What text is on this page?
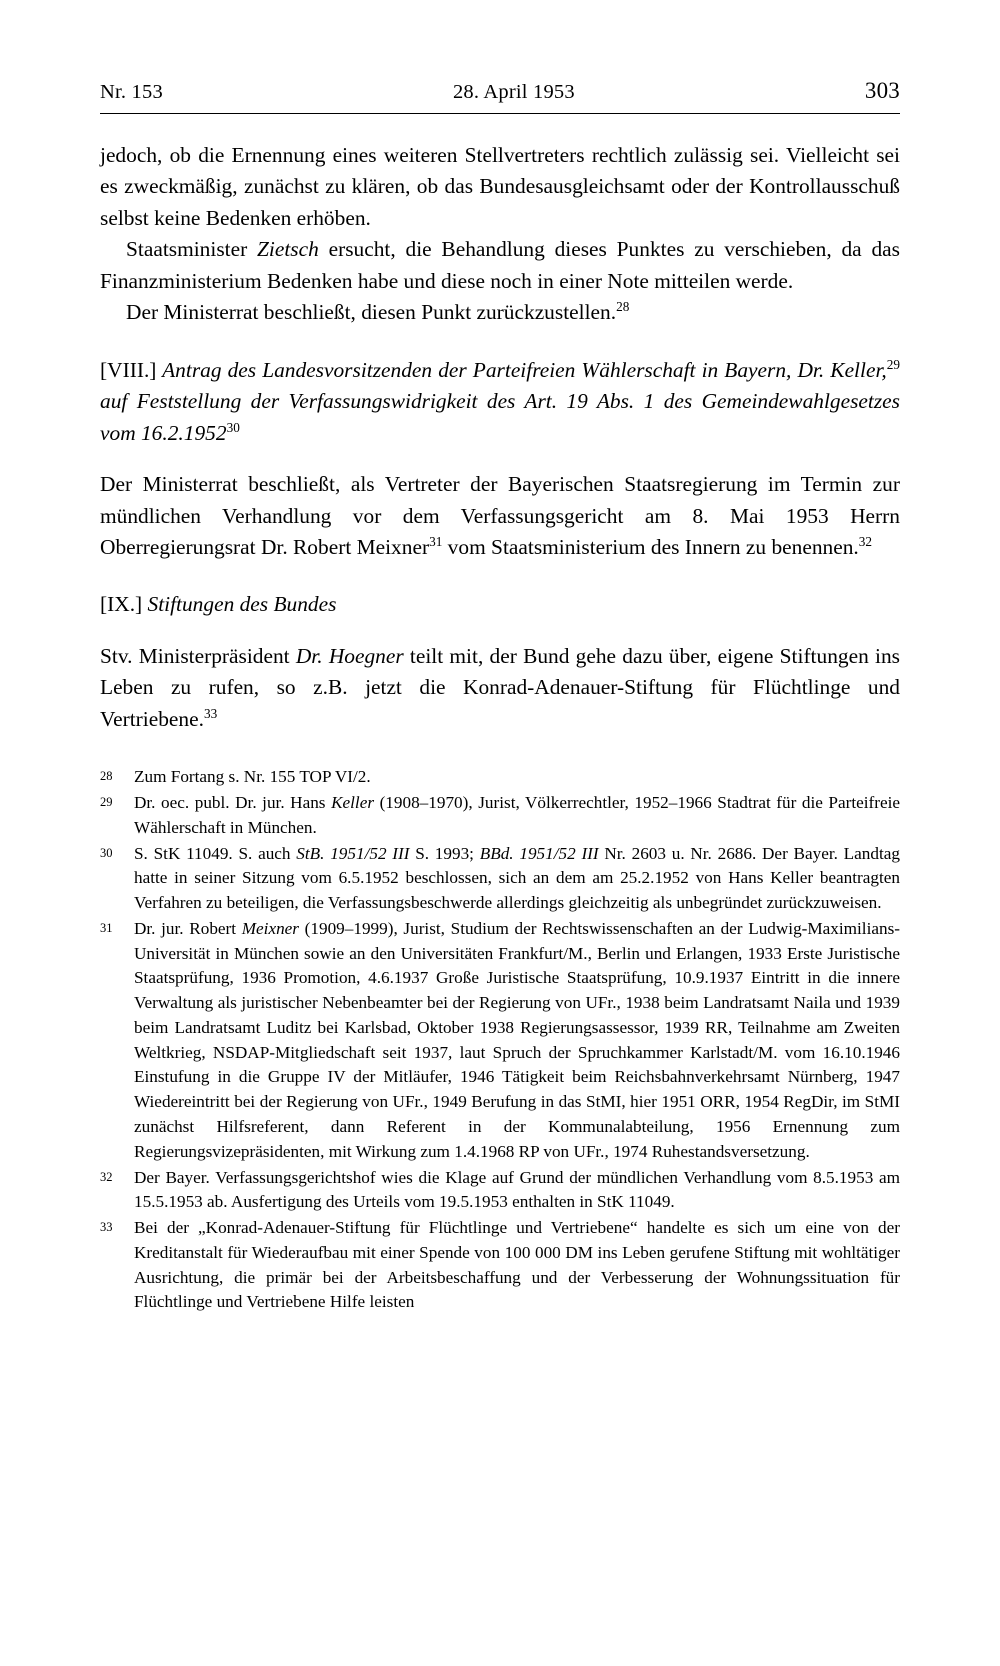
Nr. 153	28. April 1953	303

jedoch, ob die Ernennung eines weiteren Stellvertreters rechtlich zulässig sei. Vielleicht sei es zweckmäßig, zunächst zu klären, ob das Bundesausgleichsamt oder der Kontrollausschuß selbst keine Bedenken erhöben.

Staatsminister Zietsch ersucht, die Behandlung dieses Punktes zu verschieben, da das Finanzministerium Bedenken habe und diese noch in einer Note mitteilen werde.

Der Ministerrat beschließt, diesen Punkt zurückzustellen.$^{28}$

[VIII.] Antrag des Landesvorsitzenden der Parteifreien Wählerschaft in Bayern, Dr. Keller,$^{29}$ auf Feststellung der Verfassungswidrigkeit des Art. 19 Abs. 1 des Gemeindewahlgesetzes vom 16.2.1952$^{30}$

Der Ministerrat beschließt, als Vertreter der Bayerischen Staatsregierung im Termin zur mündlichen Verhandlung vor dem Verfassungsgericht am 8. Mai 1953 Herrn Oberregierungsrat Dr. Robert Meixner$^{31}$ vom Staatsministerium des Innern zu benennen.$^{32}$

[IX.] Stiftungen des Bundes

Stv. Ministerpräsident Dr. Hoegner teilt mit, der Bund gehe dazu über, eigene Stiftungen ins Leben zu rufen, so z.B. jetzt die Konrad-Adenauer-Stiftung für Flüchtlinge und Vertriebene.$^{33}$

28	Zum Fortang s. Nr. 155 TOP VI/2.
29	Dr. oec. publ. Dr. jur. Hans Keller (1908–1970), Jurist, Völkerrechtler, 1952–1966 Stadtrat für die Parteifreie Wählerschaft in München.
30	S. StK 11049. S. auch StB. 1951/52 III S. 1993; BBd. 1951/52 III Nr. 2603 u. Nr. 2686. Der Bayer. Landtag hatte in seiner Sitzung vom 6.5.1952 beschlossen, sich an dem am 25.2.1952 von Hans Keller beantragten Verfahren zu beteiligen, die Verfassungsbeschwerde allerdings gleichzeitig als unbegründet zurückzuweisen.
31	Dr. jur. Robert Meixner (1909–1999), Jurist, Studium der Rechtswissenschaften an der Ludwig-Maximilians-Universität in München sowie an den Universitäten Frankfurt/M., Berlin und Erlangen, 1933 Erste Juristische Staatsprüfung, 1936 Promotion, 4.6.1937 Große Juristische Staatsprüfung, 10.9.1937 Eintritt in die innere Verwaltung als juristischer Nebenbeamter bei der Regierung von UFr., 1938 beim Landratsamt Naila und 1939 beim Landratsamt Luditz bei Karlsbad, Oktober 1938 Regierungsassessor, 1939 RR, Teilnahme am Zweiten Weltkrieg, NSDAP-Mitgliedschaft seit 1937, laut Spruch der Spruchkammer Karlstadt/M. vom 16.10.1946 Einstufung in die Gruppe IV der Mitläufer, 1946 Tätigkeit beim Reichsbahnverkehrsamt Nürnberg, 1947 Wiedereintritt bei der Regierung von UFr., 1949 Berufung in das StMI, hier 1951 ORR, 1954 RegDir, im StMI zunächst Hilfsreferent, dann Referent in der Kommunalabteilung, 1956 Ernennung zum Regierungsvizepräsidenten, mit Wirkung zum 1.4.1968 RP von UFr., 1974 Ruhestandsversetzung.
32	Der Bayer. Verfassungsgerichtshof wies die Klage auf Grund der mündlichen Verhandlung vom 8.5.1953 am 15.5.1953 ab. Ausfertigung des Urteils vom 19.5.1953 enthalten in StK 11049.
33	Bei der „Konrad-Adenauer-Stiftung für Flüchtlinge und Vertriebene“ handelte es sich um eine von der Kreditanstalt für Wiederaufbau mit einer Spende von 100 000 DM ins Leben gerufene Stiftung mit wohltätiger Ausrichtung, die primär bei der Arbeitsbeschaffung und der Verbesserung der Wohnungssituation für Flüchtlinge und Vertriebene Hilfe leisten
